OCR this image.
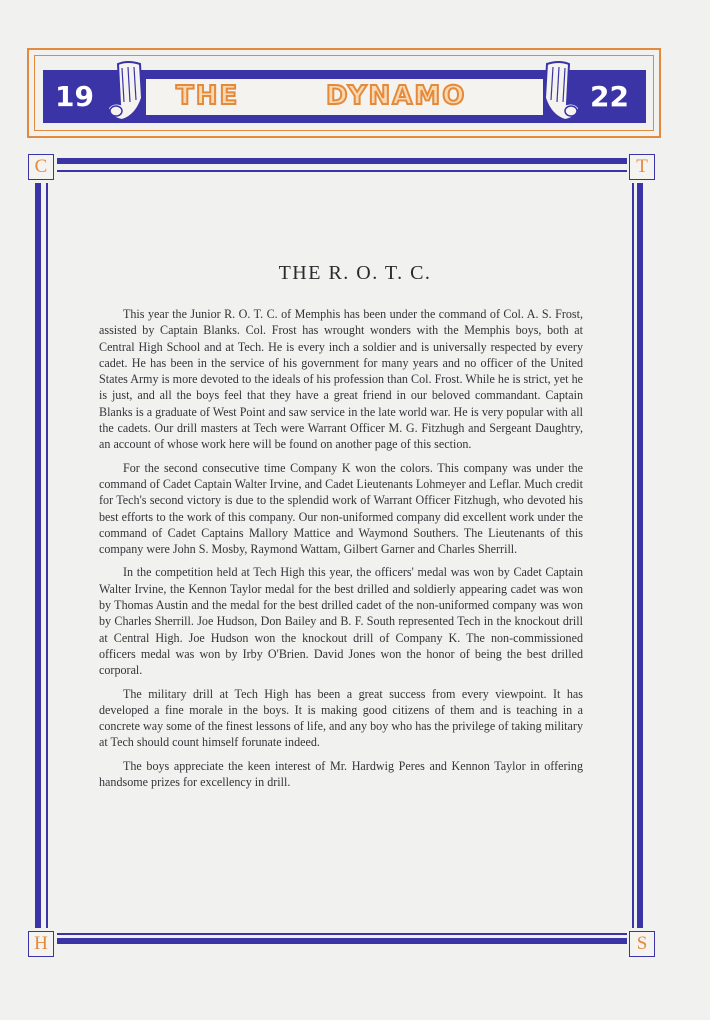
19	22
THE	DYNAMO
C	T
H	S
THE R. O. T. C.

This year the Junior R. O. T. C. of Memphis has been under the command of Col. A. S. Frost, assisted by Captain Blanks. Col. Frost has wrought wonders with the Memphis boys, both at Central High School and at Tech. He is every inch a soldier and is universally respected by every cadet. He has been in the service of his government for many years and no officer of the United States Army is more devoted to the ideals of his profession than Col. Frost. While he is strict, yet he is just, and all the boys feel that they have a great friend in our beloved commandant. Captain Blanks is a graduate of West Point and saw service in the late world war. He is very popular with all the cadets. Our drill masters at Tech were Warrant Officer M. G. Fitzhugh and Sergeant Daughtry, an account of whose work here will be found on another page of this section.

For the second consecutive time Company K won the colors. This company was under the command of Cadet Captain Walter Irvine, and Cadet Lieutenants Lohmeyer and Leflar. Much credit for Tech's second victory is due to the splendid work of Warrant Officer Fitzhugh, who devoted his best efforts to the work of this company. Our non-uniformed company did excellent work under the command of Cadet Captains Mallory Mattice and Waymond Southers. The Lieutenants of this company were John S. Mosby, Raymond Wattam, Gilbert Garner and Charles Sherrill.

In the competition held at Tech High this year, the officers' medal was won by Cadet Captain Walter Irvine, the Kennon Taylor medal for the best drilled and soldierly appearing cadet was won by Thomas Austin and the medal for the best drilled cadet of the non-uniformed company was won by Charles Sherrill. Joe Hudson, Don Bailey and B. F. South represented Tech in the knockout drill at Central High. Joe Hudson won the knockout drill of Company K. The non-commissioned officers medal was won by Irby O'Brien. David Jones won the honor of being the best drilled corporal.

The military drill at Tech High has been a great success from every viewpoint. It has developed a fine morale in the boys. It is making good citizens of them and is teaching in a concrete way some of the finest lessons of life, and any boy who has the privilege of taking military at Tech should count himself forunate indeed.

The boys appreciate the keen interest of Mr. Hardwig Peres and Kennon Taylor in offering handsome prizes for excellency in drill.
